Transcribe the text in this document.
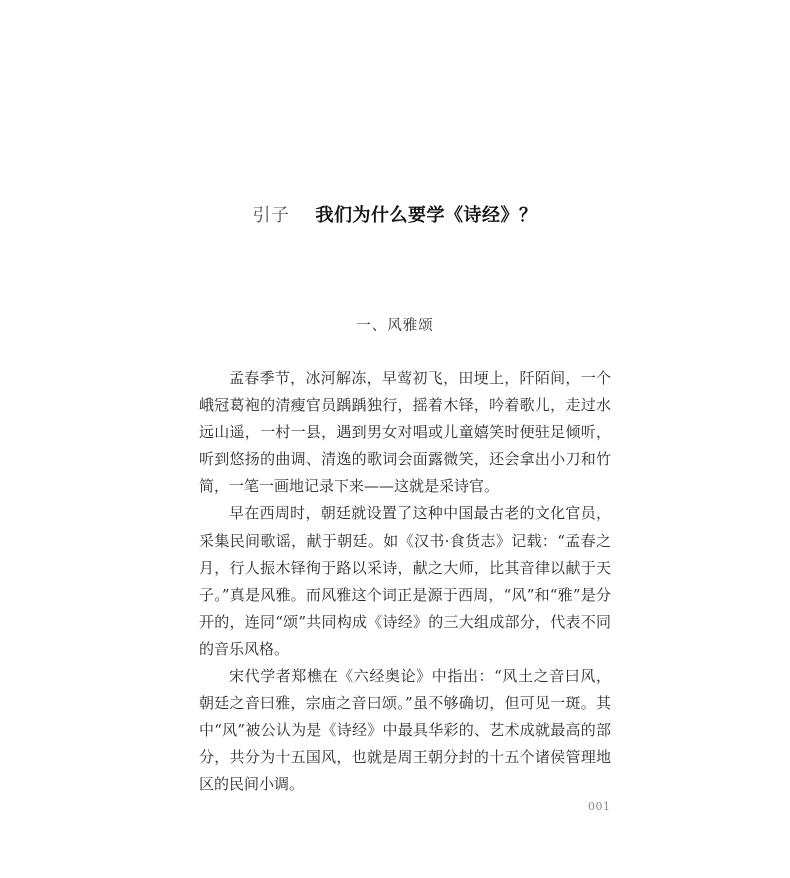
引子 我们为什么要学《诗经》？
一、风雅颂

孟春季节，冰河解冻，早莺初飞，田埂上，阡陌间，一个峨冠葛袍的清瘦官员踽踽独行，摇着木铎，吟着歌儿，走过水远山遥，一村一县，遇到男女对唱或儿童嬉笑时便驻足倾听，听到悠扬的曲调、清逸的歌词会面露微笑，还会拿出小刀和竹简，一笔一画地记录下来——这就是采诗官。

早在西周时，朝廷就设置了这种中国最古老的文化官员，采集民间歌谣，献于朝廷。如《汉书·食货志》记载：“孟春之月，行人振木铎徇于路以采诗，献之大师，比其音律以献于天子。”真是风雅。而风雅这个词正是源于西周，“风”和“雅”是分开的，连同“颂”共同构成《诗经》的三大组成部分，代表不同的音乐风格。

宋代学者郑樵在《六经奥论》中指出：“风土之音曰风，朝廷之音曰雅，宗庙之音曰颂。”虽不够确切，但可见一斑。其中“风”被公认为是《诗经》中最具华彩的、艺术成就最高的部分，共分为十五国风，也就是周王朝分封的十五个诸侯管理地区的民间小调。

001
